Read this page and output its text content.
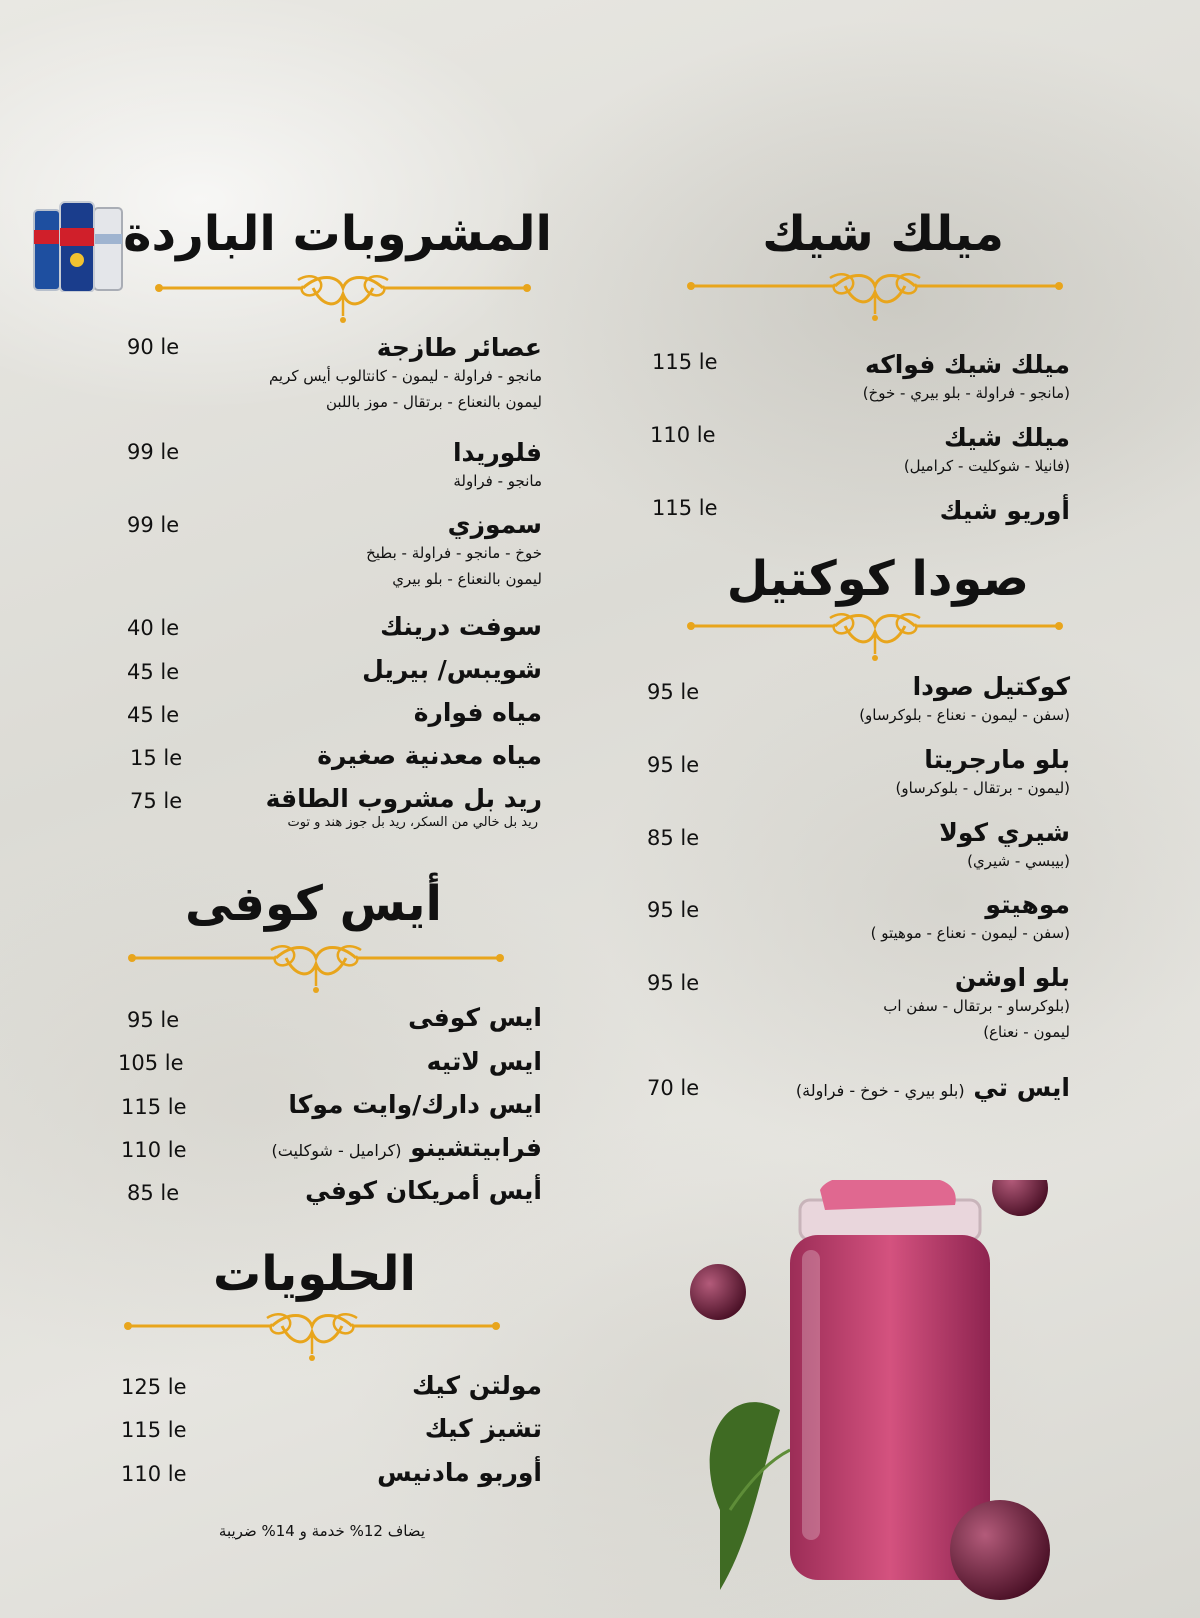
ميلك شيك
ميلك شيك فواكه
(مانجو - فراولة - بلو بيري - خوخ)
115 le
ميلك شيك
(فانيلا - شوكليت - كراميل)
110 le
أوريو شيك
115 le
صودا كوكتيل
كوكتيل صودا
(سفن - ليمون - نعناع - بلوكرساو)
95 le
بلو مارجريتا
(ليمون - برتقال - بلوكرساو)
95 le
شيري كولا
(بيبسي - شيري)
85 le
موهيتو
(سفن - ليمون - نعناع - موهيتو )
95 le
بلو اوشن
(بلوكرساو - برتقال - سفن اب
ليمون - نعناع)
95 le
ايس تي (بلو بيري - خوخ - فراولة)
70 le
المشروبات الباردة
عصائر طازجة
مانجو - فراولة - ليمون - كانتالوب أيس كريم
ليمون بالنعناع - برتقال - موز باللبن
90 le
فلوريدا
مانجو - فراولة
99 le
سموزي
خوخ - مانجو - فراولة - بطيخ
ليمون بالنعناع - بلو بيري
99 le
سوفت درينك
40 le
شويبس/ بيريل
45 le
مياه فوارة
45 le
مياه معدنية صغيرة
15 le
ريد بل مشروب الطاقة
ريد بل خالي من السكر، ريد بل جوز هند و توت
75 le
أيس كوفى
ايس كوفى
95 le
ايس لاتيه
105 le
ايس دارك/وايت موكا
115 le
فرابيتشينو (كراميل - شوكليت)
110 le
أيس أمريكان كوفي
85 le
الحلويات
مولتن كيك
125 le
تشيز كيك
115 le
أوربو مادنيس
110 le
يضاف 12% خدمة و 14% ضريبة
